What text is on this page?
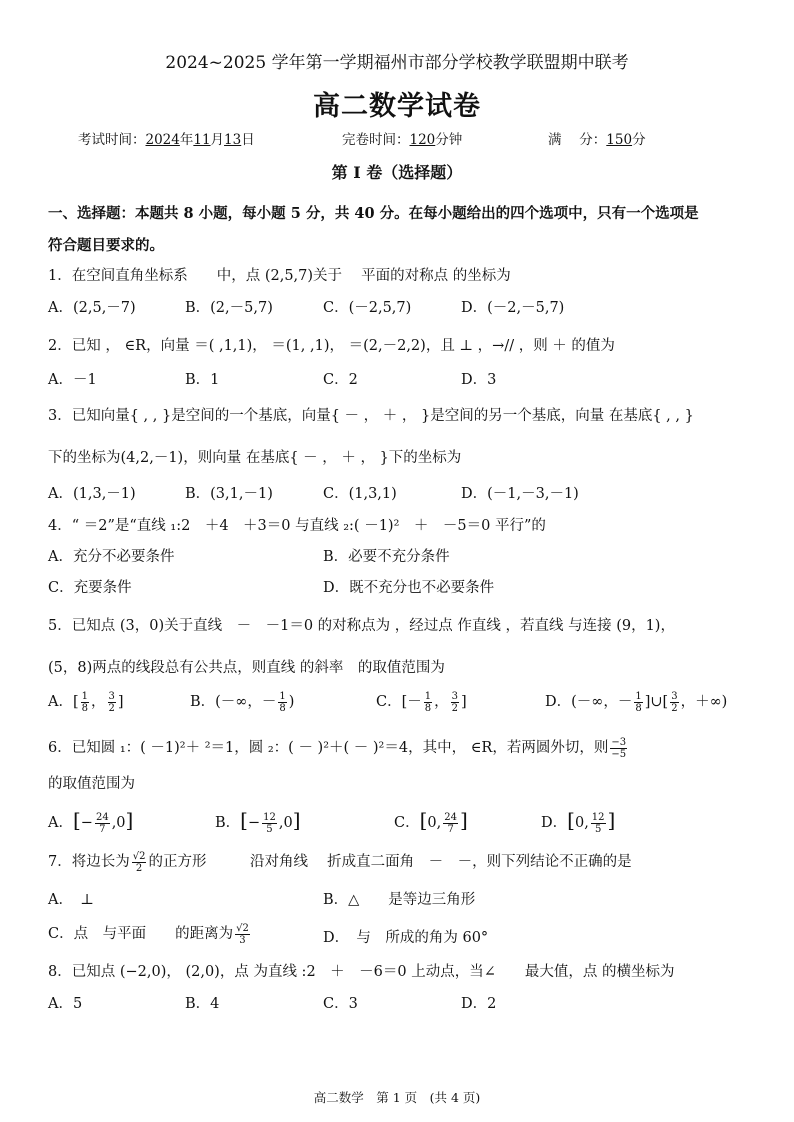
2024~2025 学年第一学期福州市部分学校教学联盟期中联考
高二数学试卷
考试时间：2024年11月13日	完卷时间：120分钟	满　 分：150分
第 I 卷（选择题）
一、选择题：本题共 8 小题，每小题 5 分，共 40 分。在每小题给出的四个选项中，只有一个选项是
符合题目要求的。
1．在空间直角坐标系　　中，点 (2,5,7)关于　 平面的对称点 的坐标为
A．(2,5,－7)	B．(2,－5,7)	C．(－2,5,7)	D．(－2,－5,7)
2．已知 ， ∈R，向量 ＝( ,1,1)， ＝(1, ,1)， ＝(2,－2,2)，且 ⊥ ，→// ，则 ＋ 的值为
A．－1	B．1	C．2	D．3
3．已知向量{ , , }是空间的一个基底，向量{ － ， ＋ ， }是空间的另一个基底，向量 在基底{ , , }
下的坐标为(4,2,－1)，则向量 在基底{ － ， ＋ ， }下的坐标为
A．(1,3,－1)	B．(3,1,－1)	C．(1,3,1)	D．(－1,－3,－1)
4．“ ＝2”是“直线 ₁:2　＋4　＋3＝0 与直线 ₂:( －1)²　＋　－5＝0 平行”的
A．充分不必要条件	B．必要不充分条件
C．充要条件	D．既不充分也不必要条件
5．已知点 (3，0)关于直线　－　－1＝0 的对称点为 ，经过点 作直线 ，若直线 与连接 (9，1)，
(5，8)两点的线段总有公共点，则直线 的斜率　的取值范围为
A．[ $\frac{1}{8}$ ， $\frac{3}{2}$ ]	B．(－∞，－ $\frac{1}{8}$ )	C．[－ $\frac{1}{8}$ ， $\frac{3}{2}$ ]	D．(－∞，－ $\frac{1}{8}$ ]∪[ $\frac{3}{2}$ ，＋∞)
6．已知圆 ₁：( －1)²＋ ²＝1，圆 ₂：( － )²＋( － )²＝4，其中， ∈R，若两圆外切，则 $\frac{-3}{-5}$
的取值范围为
A．[− $\frac{24}{7} ,0$]	B．[− $\frac{12}{5} ,0$]	C．[0, $\frac{24}{7}$ ]	D．[0, $\frac{12}{5}$ ]
7．将边长为 $\frac{√2}{2}$ 的正方形　　　沿对角线　 折成直二面角　－　－，则下列结论不正确的是
A．　⊥	B．△　　是等边三角形
C．点　与平面　　的距离为 $\frac{√2}{3}$	D．　与　所成的角为 60°
8．已知点 (−2,0)， (2,0)，点 为直线 :2　＋　－6＝0 上动点，当∠　　最大值，点 的横坐标为
A．5	B．4	C．3	D．2
高二数学　第 1 页　(共 4 页)
